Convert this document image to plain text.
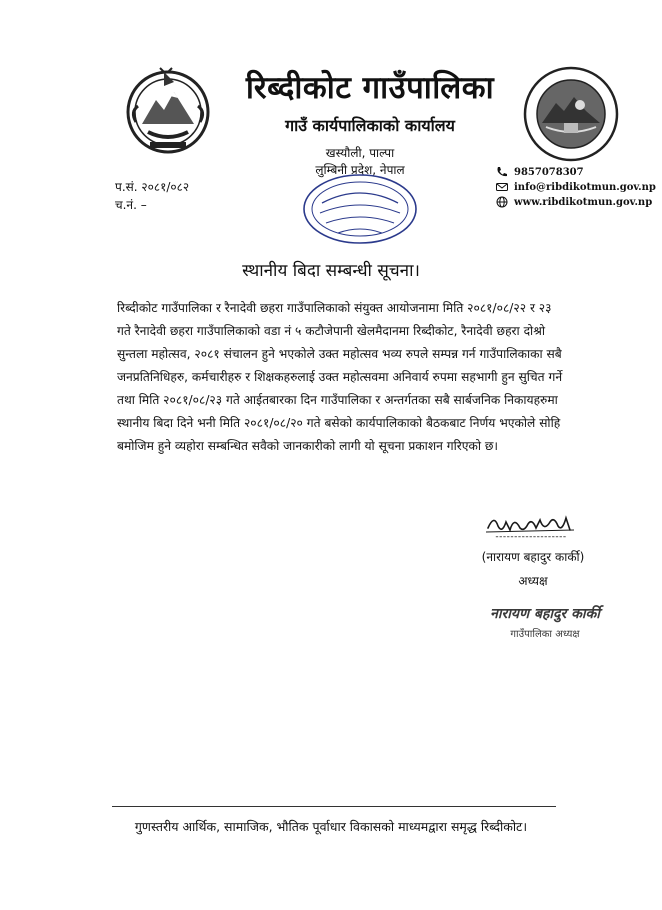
रिब्दीकोट गाउँपालिका
गाउँ कार्यपालिकाको कार्यालय
खस्यौली, पाल्पा
लुम्बिनी प्रदेश, नेपाल	9857078307
info@ribdikotmun.gov.np
www.ribdikotmun.gov.np
प.सं. २०८१/०८२
च.नं. –
स्थानीय बिदा सम्बन्धी सूचना।
रिब्दीकोट गाउँपालिका र रैनादेवी छहरा गाउँपालिकाको संयुक्त आयोजनामा मिति २०८१/०८/२२ र २३
गते रैनादेवी छहरा गाउँपालिकाको वडा नं ५ कटौजेपानी खेलमैदानमा रिब्दीकोट, रैनादेवी छहरा दोश्रो
सुन्तला महोत्सव, २०८१ संचालन हुने भएकोले उक्त महोत्सव भव्य रुपले सम्पन्न गर्न गाउँपालिकाका सबै
जनप्रतिनिधिहरु, कर्मचारीहरु र शिक्षकहरुलाई उक्त महोत्सवमा अनिवार्य रुपमा सहभागी हुन सुचित गर्ने
तथा मिति २०८१/०८/२३ गते आईतबारका दिन गाउँपालिका र अन्तर्गतका सबै सार्बजनिक निकायहरुमा
स्थानीय बिदा दिने भनी मिति २०८१/०८/२० गते बसेको कार्यपालिकाको बैठकबाट निर्णय भएकोले सोहि
बमोजिम हुने व्यहोरा सम्बन्धित सवैको जानकारीको लागी यो सूचना प्रकाशन गरिएको छ।
-------------------
(नारायण बहादुर कार्की)
अध्यक्ष
नारायण बहादुर कार्की
गाउँपालिका अध्यक्ष
गुणस्तरीय आर्थिक, सामाजिक, भौतिक पूर्वाधार विकासको माध्यमद्वारा समृद्ध रिब्दीकोट।
